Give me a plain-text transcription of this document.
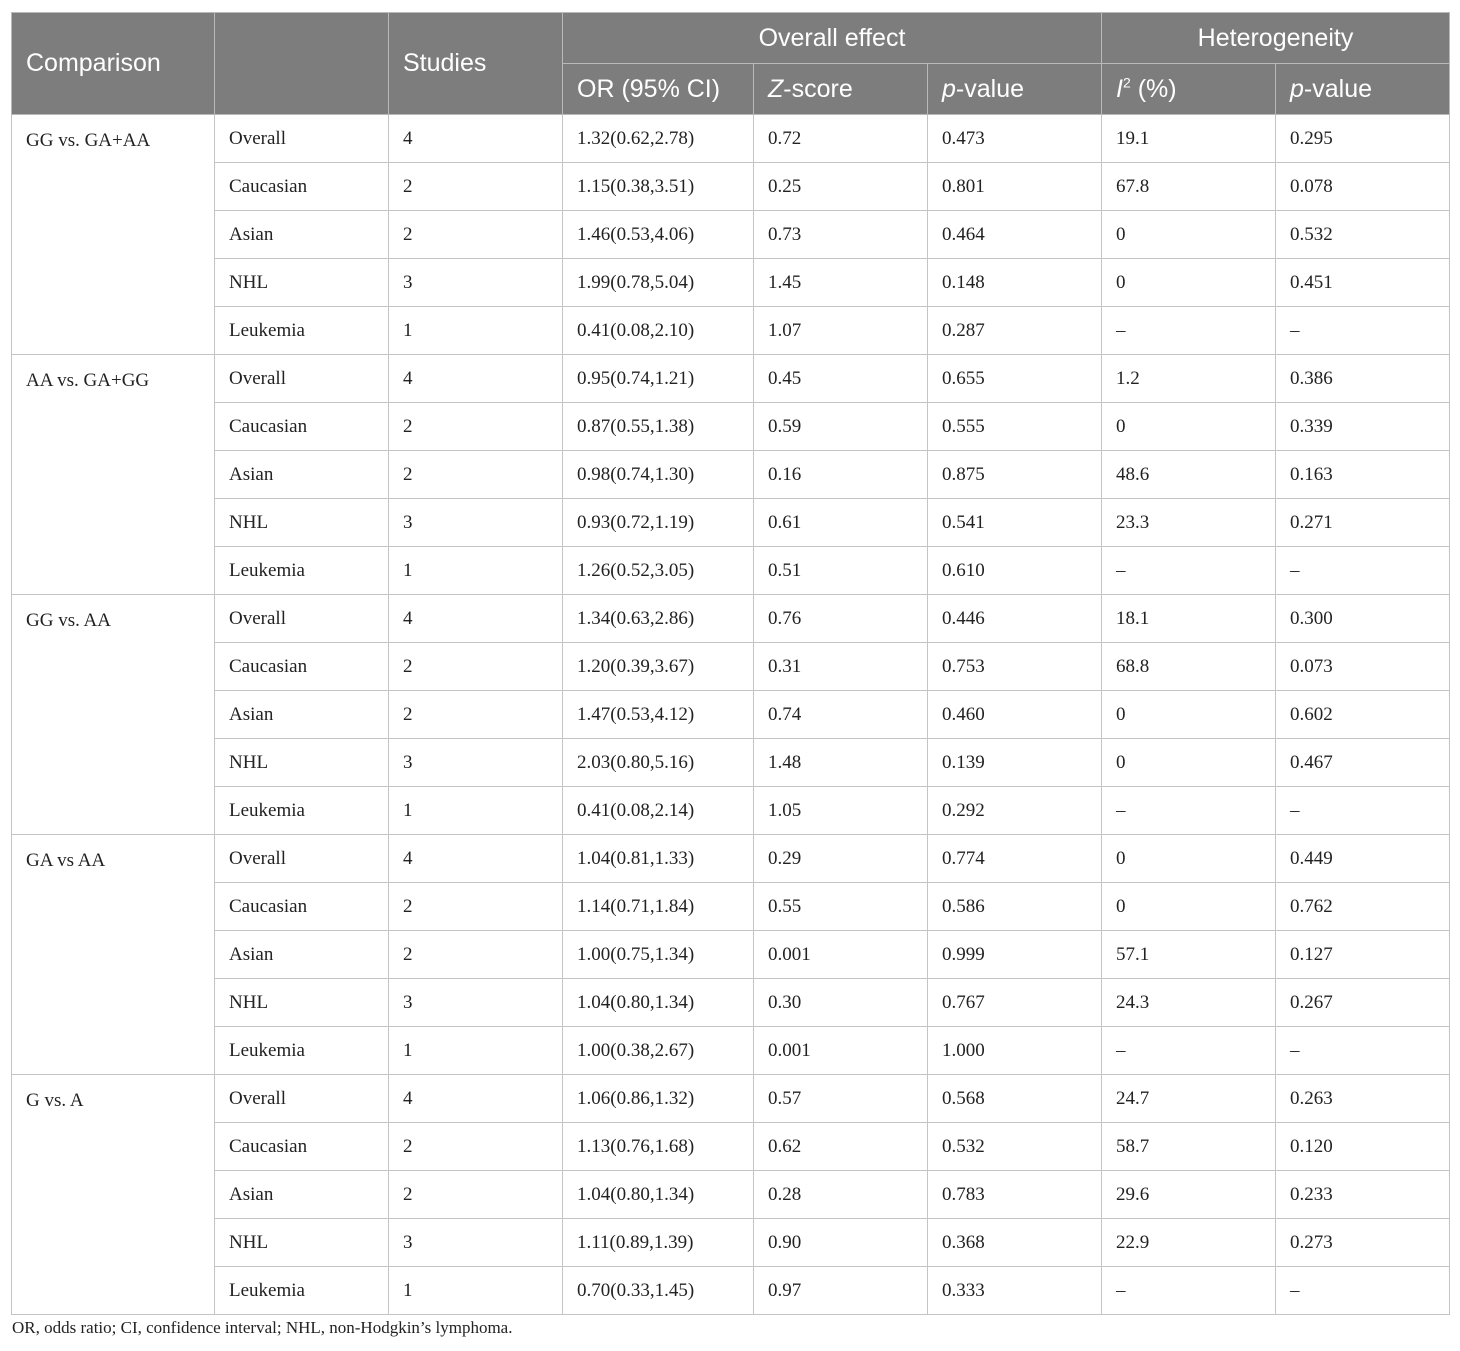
Comparison		Studies	Overall effect			Heterogeneity	
			OR (95% CI)	Z-score	p-value	$I^2$ (%)	p-value
GG vs. GA+AA	Overall	4	1.32(0.62,2.78)	0.72	0.473	19.1	0.295
	Caucasian	2	1.15(0.38,3.51)	0.25	0.801	67.8	0.078
	Asian	2	1.46(0.53,4.06)	0.73	0.464	0	0.532
	NHL	3	1.99(0.78,5.04)	1.45	0.148	0	0.451
	Leukemia	1	0.41(0.08,2.10)	1.07	0.287	–	–
AA vs. GA+GG	Overall	4	0.95(0.74,1.21)	0.45	0.655	1.2	0.386
	Caucasian	2	0.87(0.55,1.38)	0.59	0.555	0	0.339
	Asian	2	0.98(0.74,1.30)	0.16	0.875	48.6	0.163
	NHL	3	0.93(0.72,1.19)	0.61	0.541	23.3	0.271
	Leukemia	1	1.26(0.52,3.05)	0.51	0.610	–	–
GG vs. AA	Overall	4	1.34(0.63,2.86)	0.76	0.446	18.1	0.300
	Caucasian	2	1.20(0.39,3.67)	0.31	0.753	68.8	0.073
	Asian	2	1.47(0.53,4.12)	0.74	0.460	0	0.602
	NHL	3	2.03(0.80,5.16)	1.48	0.139	0	0.467
	Leukemia	1	0.41(0.08,2.14)	1.05	0.292	–	–
GA vs AA	Overall	4	1.04(0.81,1.33)	0.29	0.774	0	0.449
	Caucasian	2	1.14(0.71,1.84)	0.55	0.586	0	0.762
	Asian	2	1.00(0.75,1.34)	0.001	0.999	57.1	0.127
	NHL	3	1.04(0.80,1.34)	0.30	0.767	24.3	0.267
	Leukemia	1	1.00(0.38,2.67)	0.001	1.000	–	–
G vs. A	Overall	4	1.06(0.86,1.32)	0.57	0.568	24.7	0.263
	Caucasian	2	1.13(0.76,1.68)	0.62	0.532	58.7	0.120
	Asian	2	1.04(0.80,1.34)	0.28	0.783	29.6	0.233
	NHL	3	1.11(0.89,1.39)	0.90	0.368	22.9	0.273
	Leukemia	1	0.70(0.33,1.45)	0.97	0.333	–	–
OR, odds ratio; CI, confidence interval; NHL, non-Hodgkin’s lymphoma.
